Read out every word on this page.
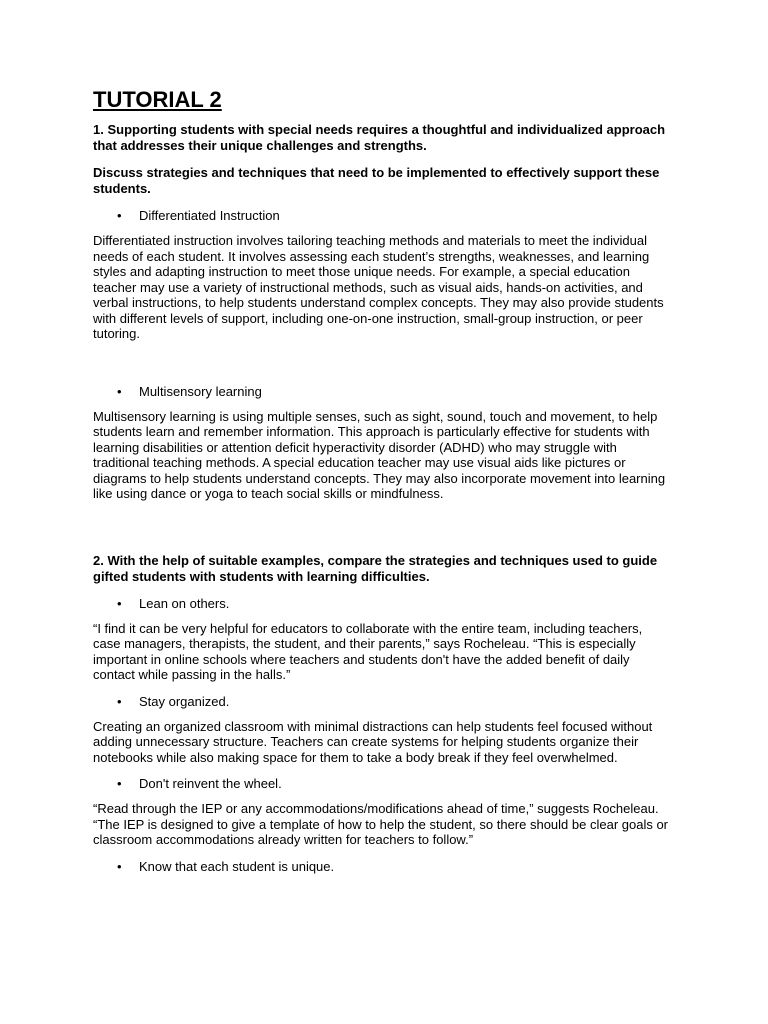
TUTORIAL 2
1. Supporting students with special needs requires a thoughtful and individualized approach that addresses their unique challenges and strengths.
Discuss strategies and techniques that need to be implemented to effectively support these students.
• Differentiated Instruction
Differentiated instruction involves tailoring teaching methods and materials to meet the individual needs of each student. It involves assessing each student’s strengths, weaknesses, and learning styles and adapting instruction to meet those unique needs. For example, a special education teacher may use a variety of instructional methods, such as visual aids, hands-on activities, and verbal instructions, to help students understand complex concepts. They may also provide students with different levels of support, including one-on-one instruction, small-group instruction, or peer tutoring.
• Multisensory learning
Multisensory learning is using multiple senses, such as sight, sound, touch and movement, to help students learn and remember information. This approach is particularly effective for students with learning disabilities or attention deficit hyperactivity disorder (ADHD) who may struggle with traditional teaching methods. A special education teacher may use visual aids like pictures or diagrams to help students understand concepts. They may also incorporate movement into learning like using dance or yoga to teach social skills or mindfulness.
2. With the help of suitable examples, compare the strategies and techniques used to guide gifted students with students with learning difficulties.
• Lean on others.
“I find it can be very helpful for educators to collaborate with the entire team, including teachers, case managers, therapists, the student, and their parents,” says Rocheleau. “This is especially important in online schools where teachers and students don't have the added benefit of daily contact while passing in the halls.”
• Stay organized.
Creating an organized classroom with minimal distractions can help students feel focused without adding unnecessary structure. Teachers can create systems for helping students organize their notebooks while also making space for them to take a body break if they feel overwhelmed.
• Don't reinvent the wheel.
“Read through the IEP or any accommodations/modifications ahead of time,” suggests Rocheleau. “The IEP is designed to give a template of how to help the student, so there should be clear goals or classroom accommodations already written for teachers to follow.”
• Know that each student is unique.
